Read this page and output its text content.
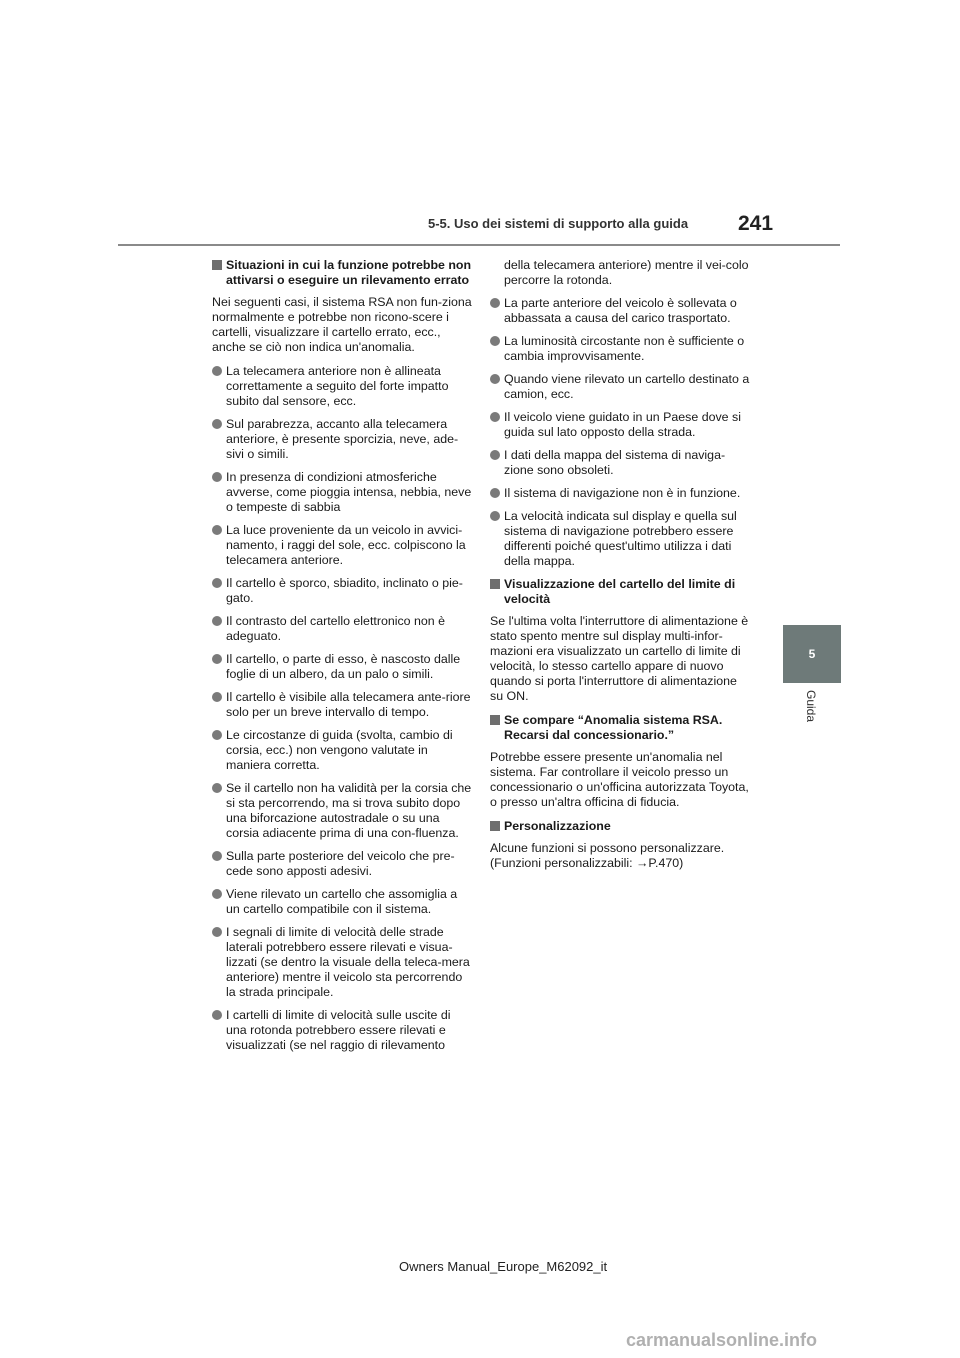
5-5. Uso dei sistemi di supporto alla guida 241
5
Guida
Situazioni in cui la funzione potrebbe non attivarsi o eseguire un rilevamento errato
Nei seguenti casi, il sistema RSA non fun-ziona normalmente e potrebbe non ricono-scere i cartelli, visualizzare il cartello errato, ecc., anche se ciò non indica un'anomalia.
La telecamera anteriore non è allineata correttamente a seguito del forte impatto subito dal sensore, ecc.
Sul parabrezza, accanto alla telecamera anteriore, è presente sporcizia, neve, ade-sivi o simili.
In presenza di condizioni atmosferiche avverse, come pioggia intensa, nebbia, neve o tempeste di sabbia
La luce proveniente da un veicolo in avvici-namento, i raggi del sole, ecc. colpiscono la telecamera anteriore.
Il cartello è sporco, sbiadito, inclinato o pie-gato.
Il contrasto del cartello elettronico non è adeguato.
Il cartello, o parte di esso, è nascosto dalle foglie di un albero, da un palo o simili.
Il cartello è visibile alla telecamera ante-riore solo per un breve intervallo di tempo.
Le circostanze di guida (svolta, cambio di corsia, ecc.) non vengono valutate in maniera corretta.
Se il cartello non ha validità per la corsia che si sta percorrendo, ma si trova subito dopo una biforcazione autostradale o su una corsia adiacente prima di una con-fluenza.
Sulla parte posteriore del veicolo che pre-cede sono apposti adesivi.
Viene rilevato un cartello che assomiglia a un cartello compatibile con il sistema.
I segnali di limite di velocità delle strade laterali potrebbero essere rilevati e visua-lizzati (se dentro la visuale della teleca-mera anteriore) mentre il veicolo sta percorrendo la strada principale.
I cartelli di limite di velocità sulle uscite di una rotonda potrebbero essere rilevati e visualizzati (se nel raggio di rilevamento
della telecamera anteriore) mentre il vei-colo percorre la rotonda.
La parte anteriore del veicolo è sollevata o abbassata a causa del carico trasportato.
La luminosità circostante non è sufficiente o cambia improvvisamente.
Quando viene rilevato un cartello destinato a camion, ecc.
Il veicolo viene guidato in un Paese dove si guida sul lato opposto della strada.
I dati della mappa del sistema di naviga-zione sono obsoleti.
Il sistema di navigazione non è in funzione.
La velocità indicata sul display e quella sul sistema di navigazione potrebbero essere differenti poiché quest'ultimo utilizza i dati della mappa.
Visualizzazione del cartello del limite di velocità
Se l'ultima volta l'interruttore di alimentazione è stato spento mentre sul display multi-infor-mazioni era visualizzato un cartello di limite di velocità, lo stesso cartello appare di nuovo quando si porta l'interruttore di alimentazione su ON.
Se compare “Anomalia sistema RSA. Recarsi dal concessionario.”
Potrebbe essere presente un'anomalia nel sistema. Far controllare il veicolo presso un concessionario o un'officina autorizzata Toyota, o presso un'altra officina di fiducia.
Personalizzazione
Alcune funzioni si possono personalizzare. (Funzioni personalizzabili: →P.470)
Owners Manual_Europe_M62092_it
carmanualsonline.info
